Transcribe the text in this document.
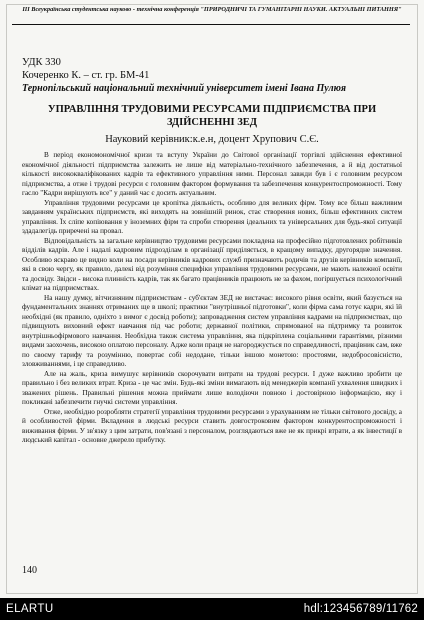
ІІІ Всеукраїнська студентська науково - технічна конференція "ПРИРОДНИЧІ ТА ГУМАНІТАРНІ НАУКИ. АКТУАЛЬНІ ПИТАННЯ"
УДК 330
Кочеренко К. – ст. гр. БМ-41
Тернопільський національний технічний університет імені Івана Пулюя
УПРАВЛІННЯ ТРУДОВИМИ РЕСУРСАМИ ПІДПРИЄМСТВА ПРИ ЗДІЙСНЕННІ ЗЕД
Науковий керівник:к.е.н, доцент Хрупович С.Є.

В період економономічної кризи та вступу України до Світової організації торгівлі здійснення ефективної економічної діяльності підприємства залежить не лише від матеріально-технічного забезпечення, а й від достатньої кількості висококваліфікованих кадрів та ефективного управління ними. Персонал завжди був і є головним ресурсом підприємства, а отже і трудові ресурси є головним фактором формування та забезпечення конкурентоспроможності. Тому гасло "Кадри вирішують все" у даний час є досить актуальним.

Управління трудовими ресурсами це кропітка діяльність, особливо для великих фірм. Тому все більш важливим завданням українських підприємств, які виходять на зовнішній ринок, стає створення нових, більш ефективних систем управління. Їх сліпе копіювання у іноземних фірм та спроби створення ідеальних та універсальних для будь-якої ситуації здадалегідь приречені на провал.

Відповідальність за загальне керівництво трудовими ресурсами покладена на професійно підготовлених робітників відділів кадрів. Але і надалі кадровим підрозділам в організації приділяється, в кращому випадку, другорядне значення. Особливо яскраво це видно коли на посади керівників кадрових служб призначають родичів та друзів керівників компанії, які в свою чергу, як правило, далекі від розуміння специфіки управління трудовими ресурсами, не мають належної освіти та досвіду. Звідси - висока плинність кадрів, так як багато працівників працюють не за фахом, погіршується психологічний клімат на підприємствах.

На нашу думку, вітчизняним підприємствам - суб'єктам ЗЕД не вистачає: високого рівня освіти, який базується на фундаментальних знаннях отриманих ще в школі; практики "внутрішньої підготовки", коли фірма сама готує кадри, які їй необхідні (як правило, одніхто з вимог є досвід роботи); запровадження систем управління кадрами на підприємствах, що підвищують виховний ефект навчання під час роботи; державної політики, спрямованої на підтримку та розвиток внутрішньофірмового навчання. Необхідна також система управління, яка підкріплена соціальними гарантіями, різними видами заохочень, високою оплатою персоналу. Адже коли праця не нагороджується по справедливості, працівник сам, вже по своєму тарифу та розумінню, повертає собі недодане, тільки іншою монетою: простоями, недобросовісністю, зловживаннями, і це справедливо.

Але на жаль, криза вимушує керівників скорочувати витрати на трудові ресурси. І дуже важливо зробити це правильно і без великих втрат. Криза - це час змін. Будь-які зміни вимагають від менеджерів компанії ухвалення швидких і зважених рішень. Правильні рішення можна приймати лише володіючи повною і достовірною інформацією, яку і покликані забезпечити гнучкі системи управління.

Отже, необхідно розробляти стратегії управління трудовими ресурсами з урахуванням не тільки світового досвіду, а й особливостей фірми. Вкладення в людські ресурси ставить довгостроковим фактором конкурентоспроможності і виживання фірми. У зв'язку з цим затрати, пов'язані з персоналом, розглядаються вже не як прикрі втрати, а як інвестиції в людський капітал - основне джерело прибутку.

140
ELARTU	hdl:123456789/11762
